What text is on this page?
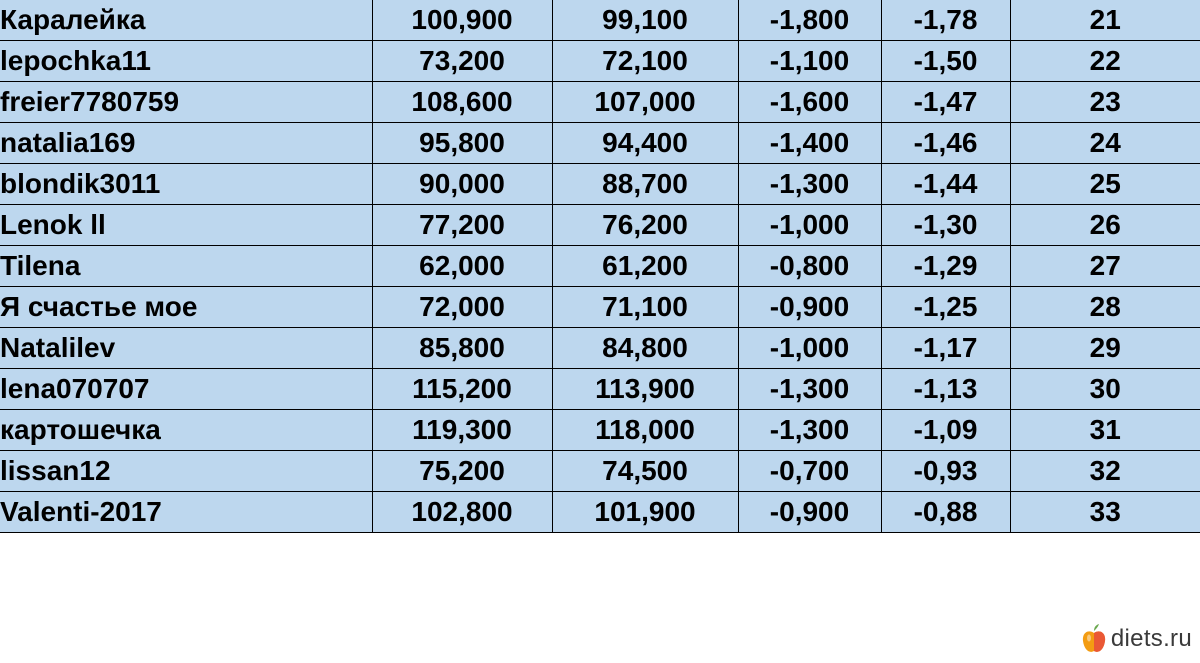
Каралейка	100,900	99,100	-1,800	-1,78	21
lepochka11	73,200	72,100	-1,100	-1,50	22
freier7780759	108,600	107,000	-1,600	-1,47	23
natalia169	95,800	94,400	-1,400	-1,46	24
blondik3011	90,000	88,700	-1,300	-1,44	25
Lenok ll	77,200	76,200	-1,000	-1,30	26
Tilena	62,000	61,200	-0,800	-1,29	27
Я счастье мое	72,000	71,100	-0,900	-1,25	28
Natalilev	85,800	84,800	-1,000	-1,17	29
lena070707	115,200	113,900	-1,300	-1,13	30
картошечка	119,300	118,000	-1,300	-1,09	31
lissan12	75,200	74,500	-0,700	-0,93	32
Valenti-2017	102,800	101,900	-0,900	-0,88	33
diets.ru
